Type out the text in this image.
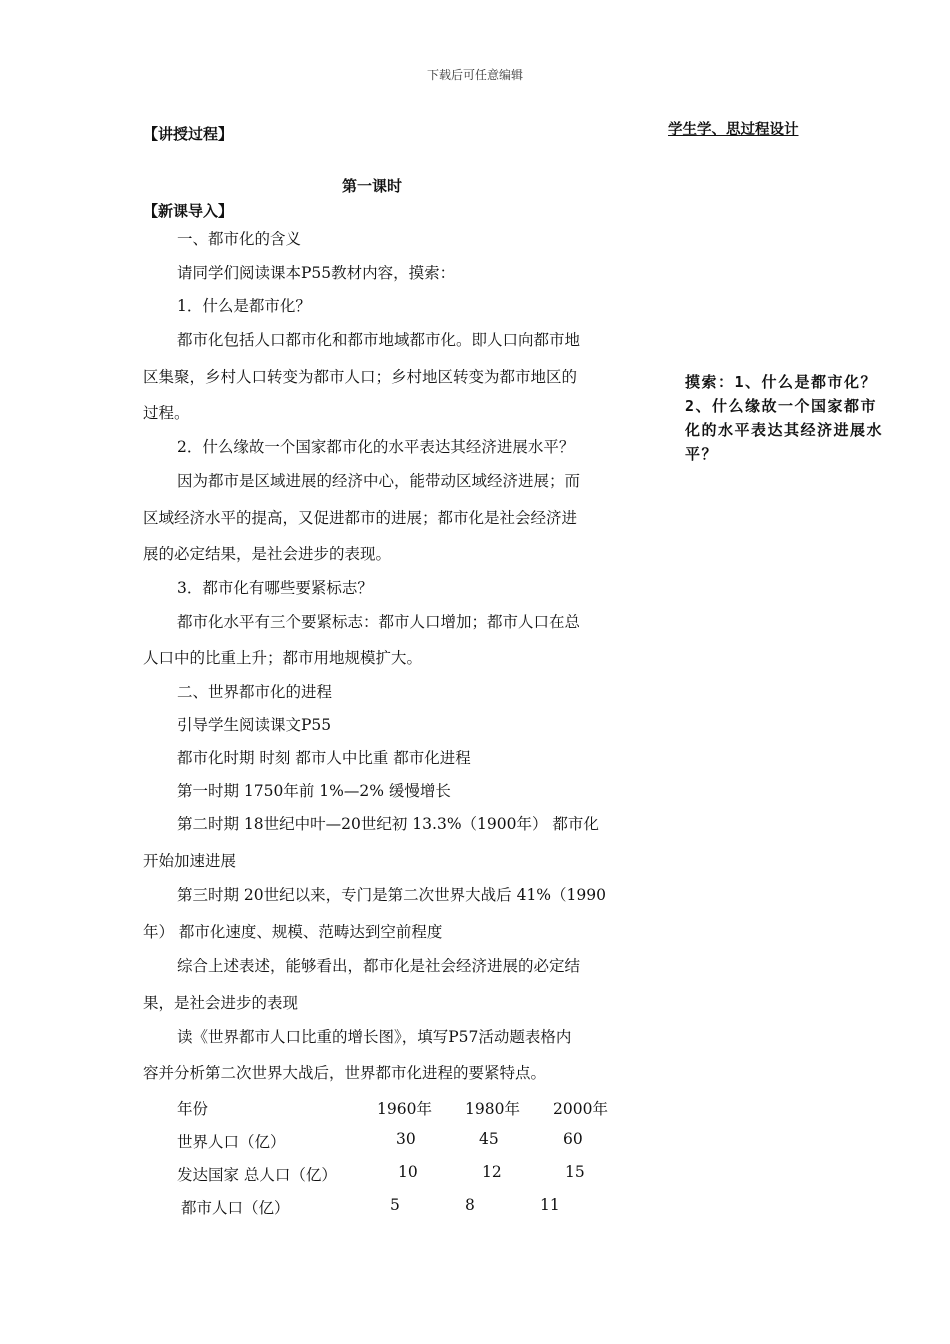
下载后可任意编辑
【讲授过程】	学生学、思过程设计
第一课时
【新课导入】
一、都市化的含义
请同学们阅读课本P55教材内容，摸索：
1．什么是都市化？
都市化包括人口都市化和都市地域都市化。即人口向都市地
区集聚，乡村人口转变为都市人口；乡村地区转变为都市地区的
过程。
2．什么缘故一个国家都市化的水平表达其经济进展水平？
因为都市是区域进展的经济中心，能带动区域经济进展；而
区域经济水平的提高，又促进都市的进展；都市化是社会经济进
展的必定结果，是社会进步的表现。
3．都市化有哪些要紧标志？
都市化水平有三个要紧标志：都市人口增加；都市人口在总
人口中的比重上升；都市用地规模扩大。
二、世界都市化的进程
引导学生阅读课文P55
都市化时期 时刻 都市人中比重 都市化进程
第一时期 1750年前 1%—2% 缓慢增长
第二时期 18世纪中叶—20世纪初 13.3%（1900年） 都市化
开始加速进展
第三时期 20世纪以来，专门是第二次世界大战后 41%（1990
年） 都市化速度、规模、范畴达到空前程度
综合上述表述，能够看出，都市化是社会经济进展的必定结
果，是社会进步的表现
读《世界都市人口比重的增长图》，填写P57活动题表格内
容并分析第二次世界大战后，世界都市化进程的要紧特点。
摸索：1、什么是都市化？2、什么缘故一个国家都市化的水平表达其经济进展水平？
年份	1960年 1980年 2000年
世界人口（亿）	30	45	60
发达国家 总人口（亿）	10	12	15
都市人口（亿）	5	8	11
